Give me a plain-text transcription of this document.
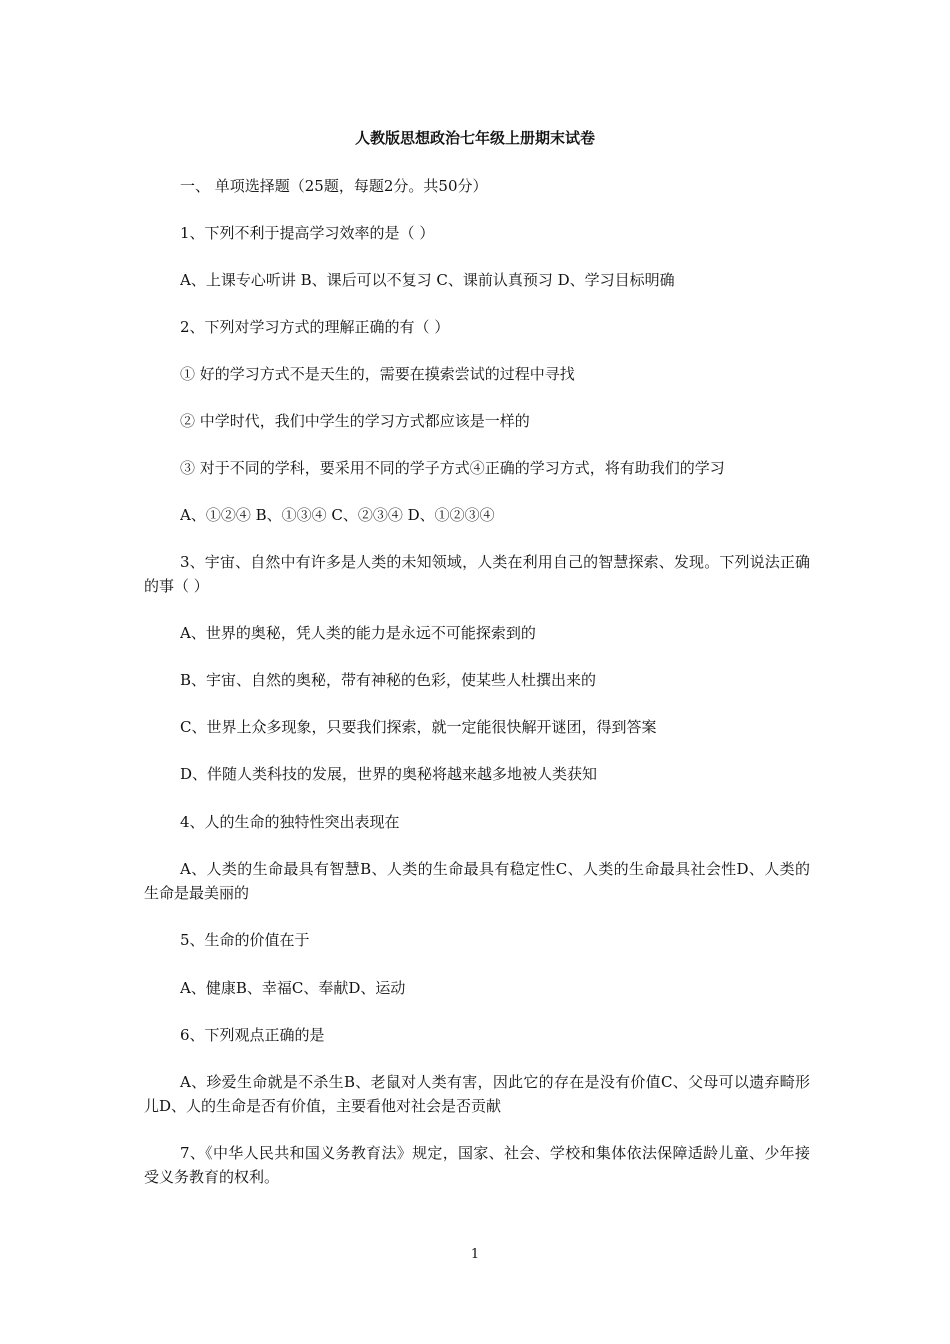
人教版思想政治七年级上册期末试卷
一、 单项选择题（25题，每题2分。共50分）
1、下列不利于提高学习效率的是（ ）
A、上课专心听讲 B、课后可以不复习 C、课前认真预习 D、学习目标明确
2、下列对学习方式的理解正确的有（ ）
① 好的学习方式不是天生的，需要在摸索尝试的过程中寻找
② 中学时代，我们中学生的学习方式都应该是一样的
③ 对于不同的学科，要采用不同的学子方式④正确的学习方式，将有助我们的学习
A、①②④ B、①③④ C、②③④ D、①②③④
3、宇宙、自然中有许多是人类的未知领域，人类在利用自己的智慧探索、发现。下列说法正确的事（ ）
A、世界的奥秘，凭人类的能力是永远不可能探索到的
B、宇宙、自然的奥秘，带有神秘的色彩，使某些人杜撰出来的
C、世界上众多现象，只要我们探索，就一定能很快解开谜团，得到答案
D、伴随人类科技的发展，世界的奥秘将越来越多地被人类获知
4、人的生命的独特性突出表现在
A、人类的生命最具有智慧B、人类的生命最具有稳定性C、人类的生命最具社会性D、人类的生命是最美丽的
5、生命的价值在于
A、健康B、幸福C、奉献D、运动
6、下列观点正确的是
A、珍爱生命就是不杀生B、老鼠对人类有害，因此它的存在是没有价值C、父母可以遗弃畸形儿D、人的生命是否有价值，主要看他对社会是否贡献
7、《中华人民共和国义务教育法》规定，国家、社会、学校和集体依法保障适龄儿童、少年接受义务教育的权利。
1
